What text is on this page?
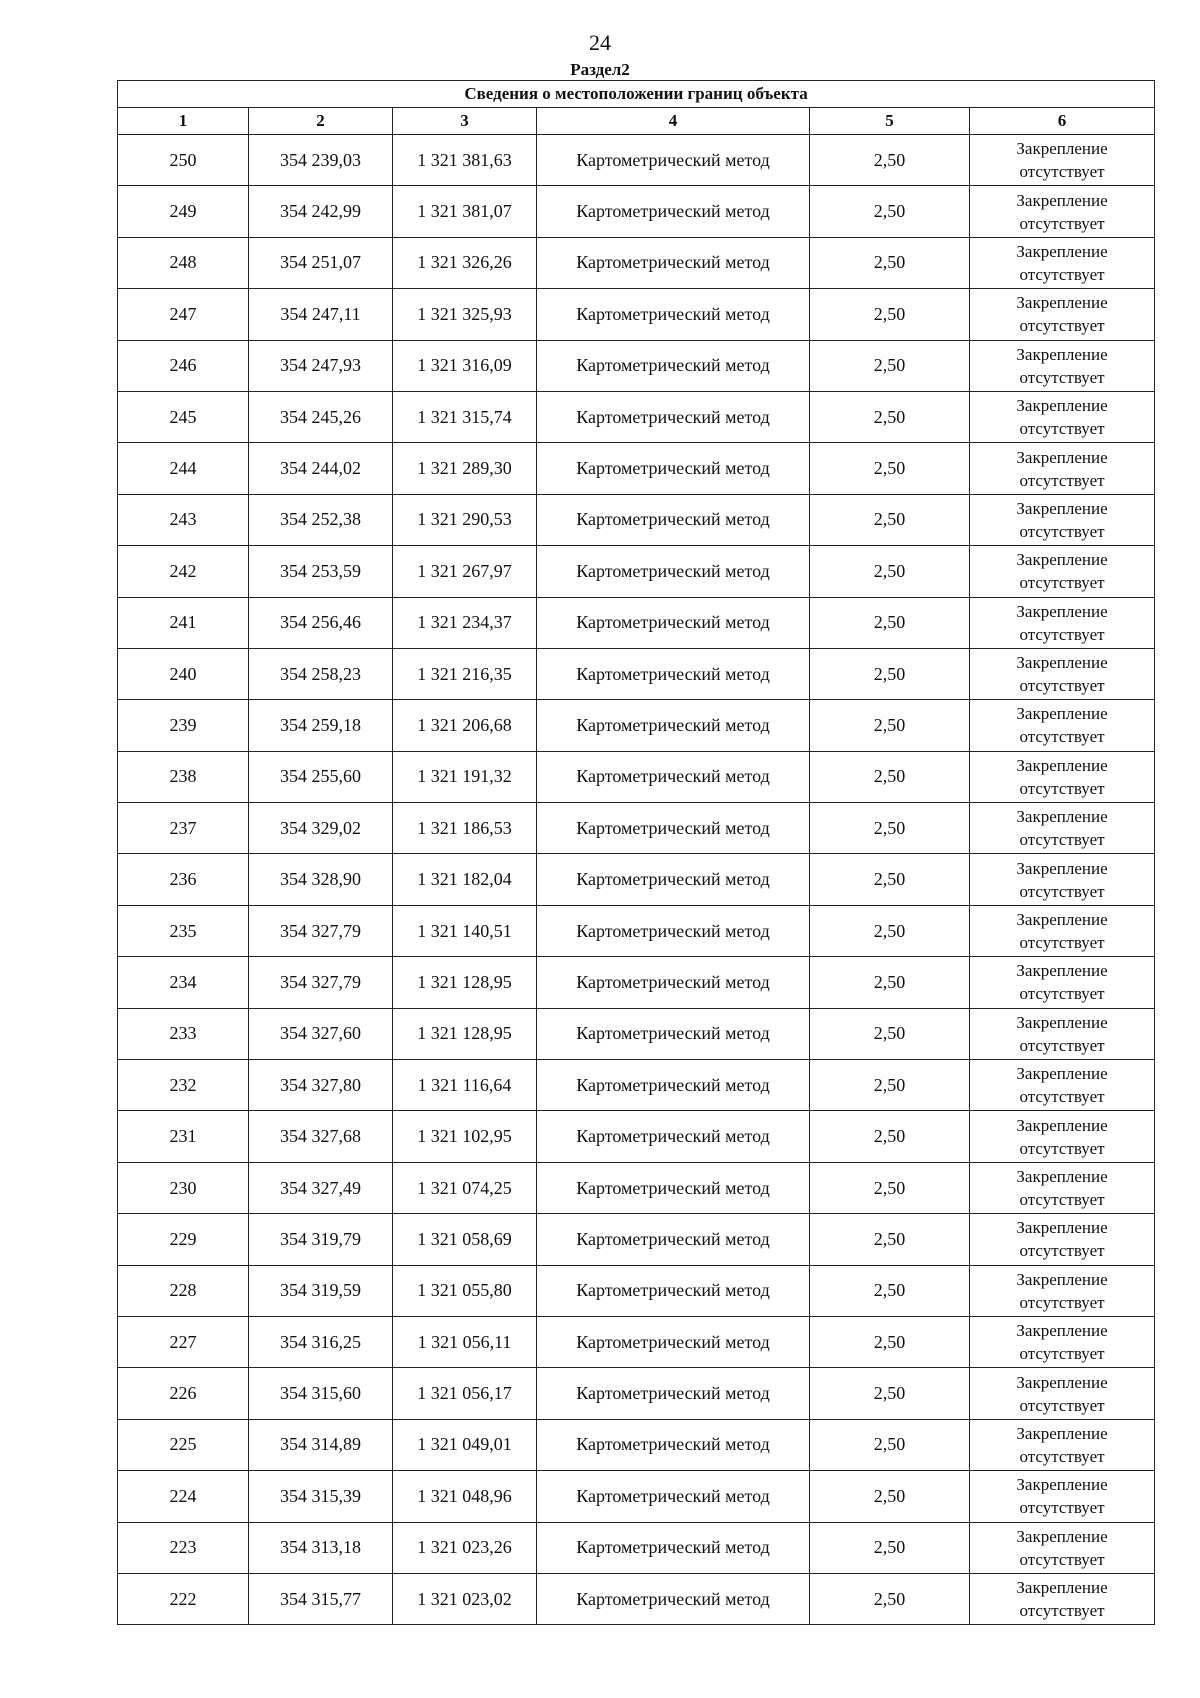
24
Раздел2
Сведения о местоположении границ объекта					
1	2	3	4	5	6
250	354 239,03	1 321 381,63	Картометрический метод	2,50	Закрепление
отсутствует

249	354 242,99	1 321 381,07	Картометрический метод	2,50	Закрепление
отсутствует

248	354 251,07	1 321 326,26	Картометрический метод	2,50	Закрепление
отсутствует

247	354 247,11	1 321 325,93	Картометрический метод	2,50	Закрепление
отсутствует

246	354 247,93	1 321 316,09	Картометрический метод	2,50	Закрепление
отсутствует

245	354 245,26	1 321 315,74	Картометрический метод	2,50	Закрепление
отсутствует

244	354 244,02	1 321 289,30	Картометрический метод	2,50	Закрепление
отсутствует

243	354 252,38	1 321 290,53	Картометрический метод	2,50	Закрепление
отсутствует

242	354 253,59	1 321 267,97	Картометрический метод	2,50	Закрепление
отсутствует

241	354 256,46	1 321 234,37	Картометрический метод	2,50	Закрепление
отсутствует

240	354 258,23	1 321 216,35	Картометрический метод	2,50	Закрепление
отсутствует

239	354 259,18	1 321 206,68	Картометрический метод	2,50	Закрепление
отсутствует

238	354 255,60	1 321 191,32	Картометрический метод	2,50	Закрепление
отсутствует

237	354 329,02	1 321 186,53	Картометрический метод	2,50	Закрепление
отсутствует

236	354 328,90	1 321 182,04	Картометрический метод	2,50	Закрепление
отсутствует

235	354 327,79	1 321 140,51	Картометрический метод	2,50	Закрепление
отсутствует

234	354 327,79	1 321 128,95	Картометрический метод	2,50	Закрепление
отсутствует

233	354 327,60	1 321 128,95	Картометрический метод	2,50	Закрепление
отсутствует

232	354 327,80	1 321 116,64	Картометрический метод	2,50	Закрепление
отсутствует

231	354 327,68	1 321 102,95	Картометрический метод	2,50	Закрепление
отсутствует

230	354 327,49	1 321 074,25	Картометрический метод	2,50	Закрепление
отсутствует

229	354 319,79	1 321 058,69	Картометрический метод	2,50	Закрепление
отсутствует

228	354 319,59	1 321 055,80	Картометрический метод	2,50	Закрепление
отсутствует

227	354 316,25	1 321 056,11	Картометрический метод	2,50	Закрепление
отсутствует

226	354 315,60	1 321 056,17	Картометрический метод	2,50	Закрепление
отсутствует

225	354 314,89	1 321 049,01	Картометрический метод	2,50	Закрепление
отсутствует

224	354 315,39	1 321 048,96	Картометрический метод	2,50	Закрепление
отсутствует

223	354 313,18	1 321 023,26	Картометрический метод	2,50	Закрепление
отсутствует

222	354 315,77	1 321 023,02	Картометрический метод	2,50	Закрепление
отсутствует
